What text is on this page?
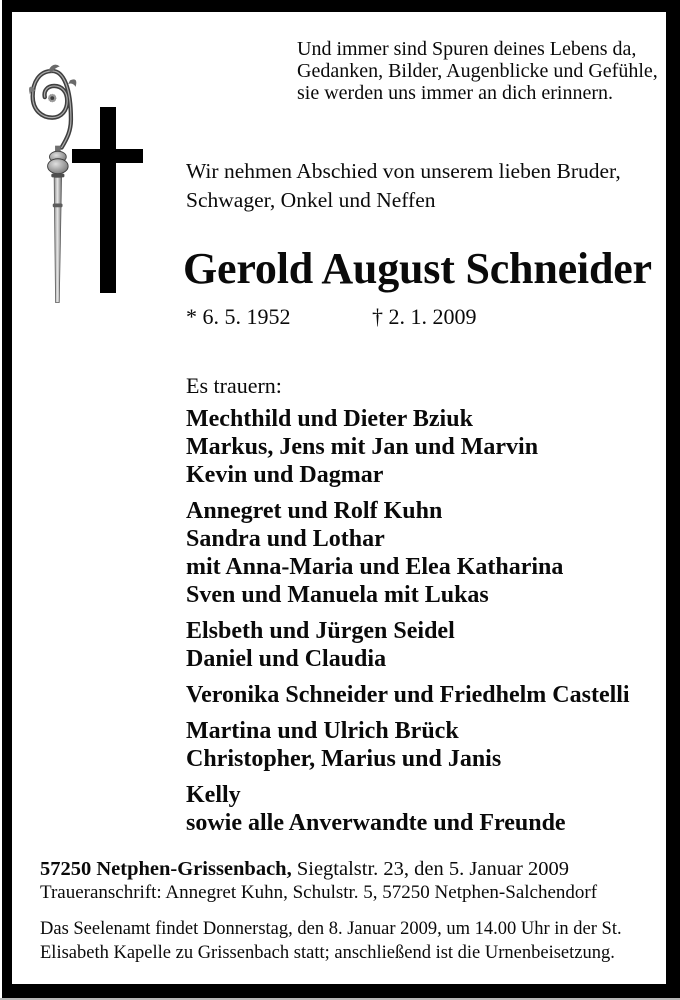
Und immer sind Spuren deines Lebens da,
Gedanken, Bilder, Augenblicke und Gefühle,
sie werden uns immer an dich erinnern.
Wir nehmen Abschied von unserem lieben Bruder,
Schwager, Onkel und Neffen
Gerold August Schneider
* 6. 5. 1952	† 2. 1. 2009
Es trauern:
Mechthild und Dieter Bziuk
Markus, Jens mit Jan und Marvin
Kevin und Dagmar
Annegret und Rolf Kuhn
Sandra und Lothar
mit Anna-Maria und Elea Katharina
Sven und Manuela mit Lukas
Elsbeth und Jürgen Seidel
Daniel und Claudia
Veronika Schneider und Friedhelm Castelli
Martina und Ulrich Brück
Christopher, Marius und Janis
Kelly
sowie alle Anverwandte und Freunde
57250 Netphen-Grissenbach, Siegtalstr. 23, den 5. Januar 2009
Traueranschrift: Annegret Kuhn, Schulstr. 5, 57250 Netphen-Salchendorf
Das Seelenamt findet Donnerstag, den 8. Januar 2009, um 14.00 Uhr in der St.
Elisabeth Kapelle zu Grissenbach statt; anschließend ist die Urnenbeisetzung.
